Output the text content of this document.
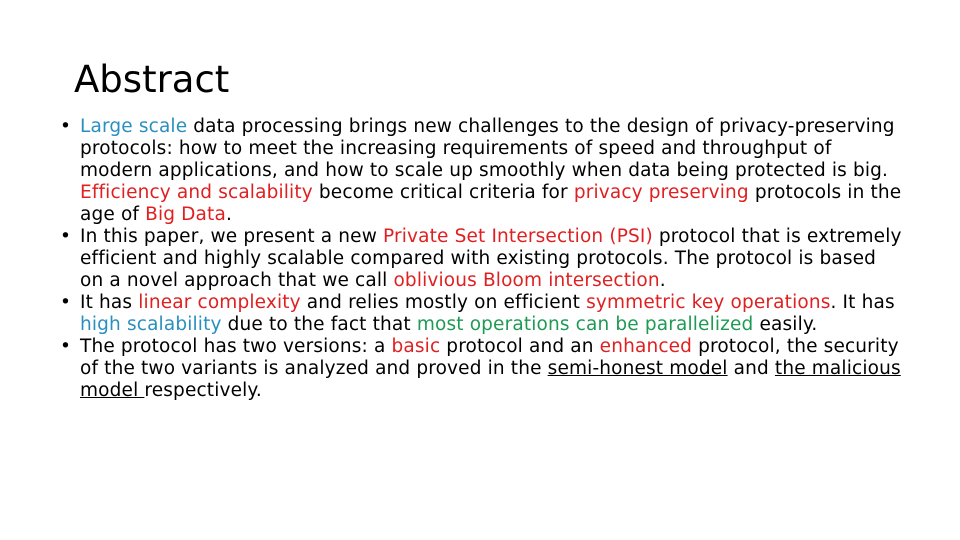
Abstract
• Large scale data processing brings new challenges to the design of privacy-preserving protocols: how to meet the increasing requirements of speed and throughput of modern applications, and how to scale up smoothly when data being protected is big. Efficiency and scalability become critical criteria for privacy preserving protocols in the age of Big Data.
• In this paper, we present a new Private Set Intersection (PSI) protocol that is extremely efficient and highly scalable compared with existing protocols. The protocol is based on a novel approach that we call oblivious Bloom intersection.
• It has linear complexity and relies mostly on efficient symmetric key operations. It has high scalability due to the fact that most operations can be parallelized easily.
• The protocol has two versions: a basic protocol and an enhanced protocol, the security of the two variants is analyzed and proved in the semi-honest model and the malicious model respectively.
